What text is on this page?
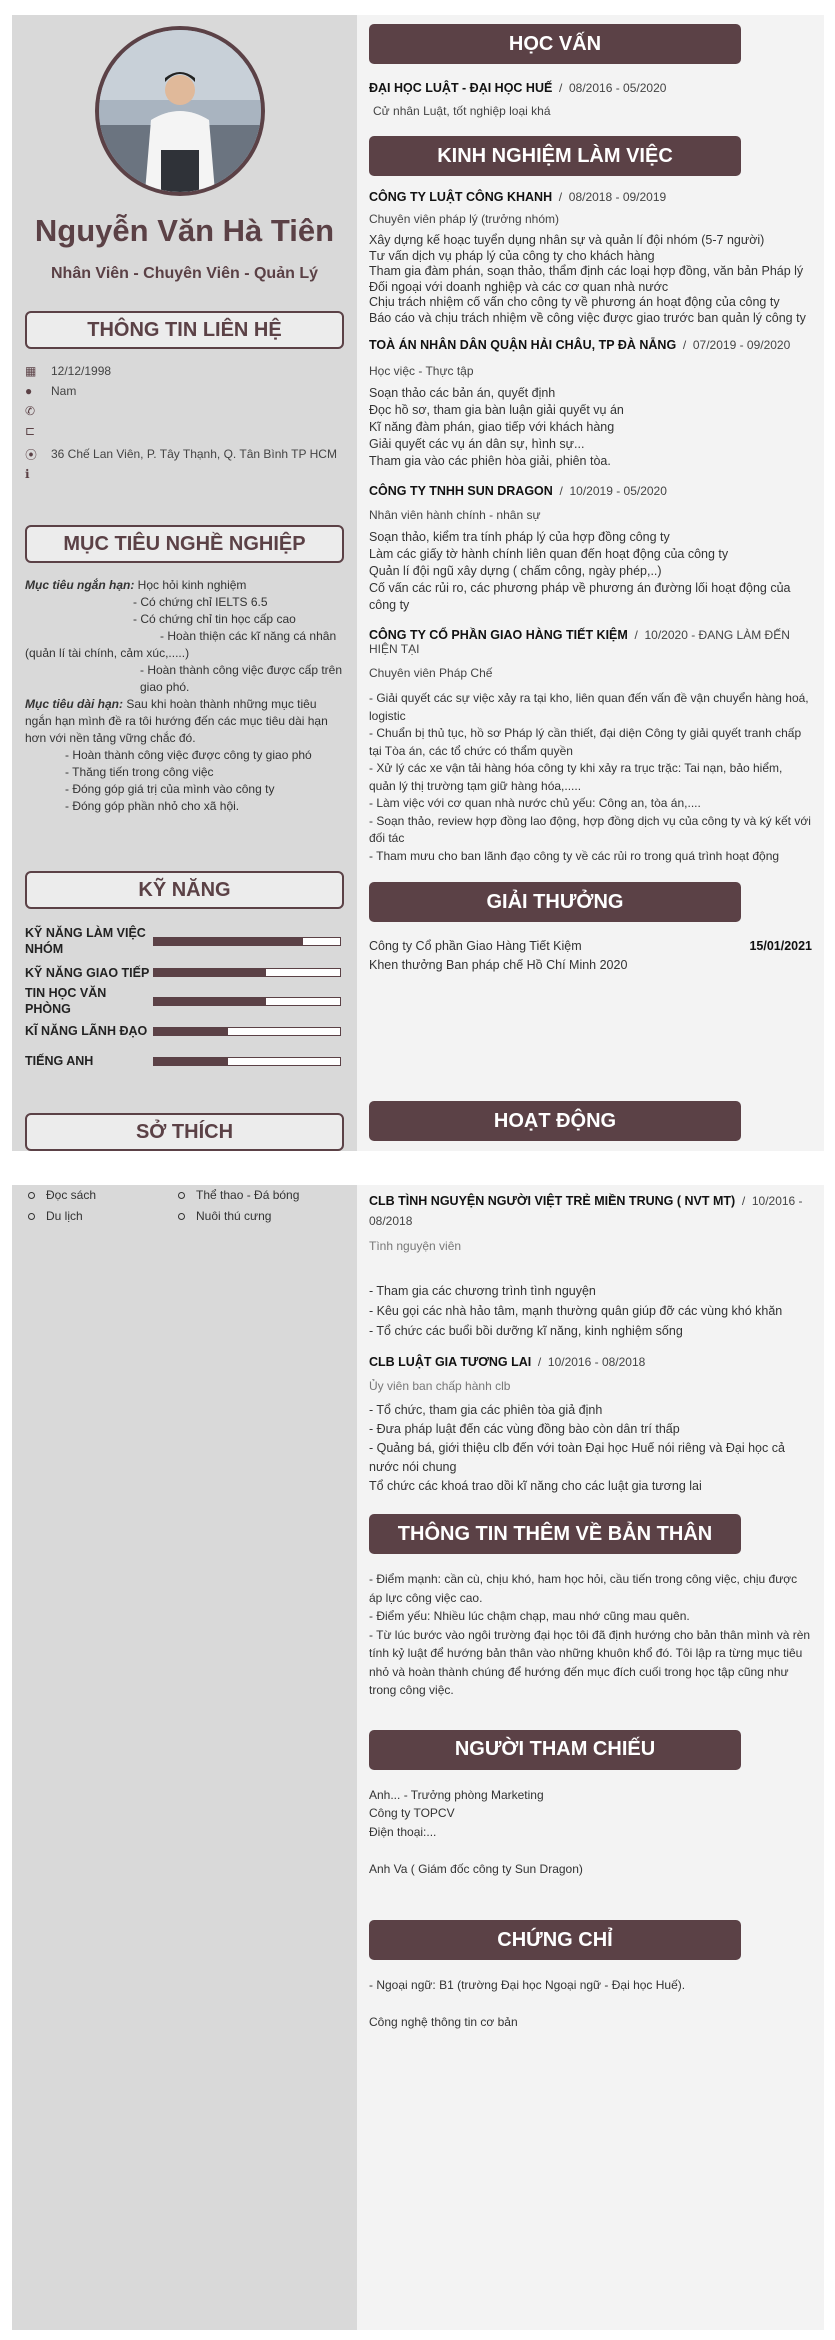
Nguyễn Văn Hà Tiên
Nhân Viên - Chuyên Viên - Quản Lý
THÔNG TIN LIÊN HỆ
▦	12/12/1998
●	Nam
✆
⊏
⦿	36 Chế Lan Viên, P. Tây Thạnh, Q. Tân Bình TP HCM
ℹ
MỤC TIÊU NGHỀ NGHIỆP
Mục tiêu ngắn hạn: Học hỏi kinh nghiệm
- Có chứng chỉ IELTS 6.5
- Có chứng chỉ tin học cấp cao
- Hoàn thiện các kĩ năng cá nhân (quản lí tài chính, cảm xúc,.....)
- Hoàn thành công việc được cấp trên giao phó.
Mục tiêu dài hạn: Sau khi hoàn thành những mục tiêu ngắn hạn mình đề ra tôi hướng đến các mục tiêu dài hạn hơn với nền tảng vững chắc đó.
- Hoàn thành công việc được công ty giao phó
- Thăng tiến trong công việc
- Đóng góp giá trị của mình vào công ty
- Đóng góp phần nhỏ cho xã hội.
KỸ NĂNG
KỸ NĂNG LÀM VIỆC NHÓM
KỸ NĂNG GIAO TIẾP
TIN HỌC VĂN PHÒNG
KĨ NĂNG LÃNH ĐẠO
TIẾNG ANH
SỞ THÍCH
HỌC VẤN
ĐẠI HỌC LUẬT - ĐẠI HỌC HUẾ  /  08/2016 - 05/2020
Cử nhân Luật, tốt nghiệp loại khá
KINH NGHIỆM LÀM VIỆC
CÔNG TY LUẬT CÔNG KHANH  /  08/2018 - 09/2019
Chuyên viên pháp lý (trưởng nhóm)
Xây dựng kế hoạc tuyển dụng nhân sự và quản lí đội nhóm (5-7 người)
Tư vấn dịch vụ pháp lý của công ty cho khách hàng
Tham gia đàm phán, soạn thảo, thẩm định các loại hợp đồng, văn bản Pháp lý
Đối ngoại với doanh nghiệp và các cơ quan nhà nước
Chịu trách nhiệm cố vấn cho công ty về phương án hoạt động của công ty
Báo cáo và chịu trách nhiệm về công việc được giao trước ban quản lý công ty
TOÀ ÁN NHÂN DÂN QUẬN HẢI CHÂU, TP ĐÀ NẴNG  /  07/2019 - 09/2020
Học việc - Thực tập
Soạn thảo các bản án, quyết định
Đọc hồ sơ, tham gia bàn luận giải quyết vụ án
Kĩ năng đàm phán, giao tiếp với khách hàng
Giải quyết các vụ án dân sự, hình sự...
Tham gia vào các phiên hòa giải, phiên tòa.
CÔNG TY TNHH SUN DRAGON  /  10/2019 - 05/2020
Nhân viên hành chính - nhân sự
Soạn thảo, kiểm tra tính pháp lý của hợp đồng công ty
Làm các giấy tờ hành chính liên quan đến hoạt động của công ty
Quản lí đội ngũ xây dựng ( chấm công, ngày phép,..)
Cố vấn các rủi ro, các phương pháp về phương án đường lối hoạt động của công ty
CÔNG TY CỔ PHẦN GIAO HÀNG TIẾT KIỆM  /  10/2020 - ĐANG LÀM ĐẾN HIỆN TẠI
Chuyên viên Pháp Chế
- Giải quyết các sự việc xảy ra tại kho, liên quan đến vấn đề vận chuyển hàng hoá, logistic
- Chuẩn bị thủ tục, hồ sơ Pháp lý cần thiết, đại diện Công ty giải quyết tranh chấp tại Tòa án, các tổ chức có thẩm quyền
- Xử lý các xe vận tải hàng hóa công ty khi xảy ra trục trặc: Tai nạn, bảo hiểm, quản lý thị trường tạm giữ hàng hóa,.....
- Làm việc với cơ quan nhà nước chủ yếu: Công an, tòa án,....
- Soạn thảo, review hợp đồng lao động, hợp đồng dịch vụ của công ty và ký kết với đối tác
- Tham mưu cho ban lãnh đạo công ty về các rủi ro trong quá trình hoạt động
GIẢI THƯỞNG
Công ty Cổ phần Giao Hàng Tiết Kiệm	15/01/2021
Khen thưởng Ban pháp chế Hồ Chí Minh 2020
HOẠT ĐỘNG
Đọc sách	Thể thao - Đá bóng
Du lịch	Nuôi thú cưng
CLB TÌNH NGUYỆN NGƯỜI VIỆT TRẺ MIỀN TRUNG ( NVT MT)  /  10/2016 - 08/2018
Tình nguyện viên
- Tham gia các chương trình tình nguyện
- Kêu gọi các nhà hảo tâm, mạnh thường quân giúp đỡ các vùng khó khăn
- Tổ chức các buổi bồi dưỡng kĩ năng, kinh nghiệm sống
CLB LUẬT GIA TƯƠNG LAI  /  10/2016 - 08/2018
Ủy viên ban chấp hành clb
- Tổ chức, tham gia các phiên tòa giả định
- Đưa pháp luật đến các vùng đồng bào còn dân trí thấp
- Quảng bá, giới thiệu clb đến với toàn Đại học Huế nói riêng và Đại học cả nước nói chung
Tổ chức các khoá trao dồi kĩ năng cho các luật gia tương lai
THÔNG TIN THÊM VỀ BẢN THÂN
- Điểm mạnh: cần cù, chịu khó, ham học hỏi, cầu tiến trong công việc, chịu được áp lực công việc cao.
- Điểm yếu: Nhiều lúc chậm chạp, mau nhớ cũng mau quên.
- Từ lúc bước vào ngôi trường đại học tôi đã định hướng cho bản thân mình và rèn tính kỷ luật để hướng bản thân vào những khuôn khổ đó. Tôi lập ra từng mục tiêu nhỏ và hoàn thành chúng để hướng đến mục đích cuối trong học tập cũng như trong công việc.
NGƯỜI THAM CHIẾU
Anh... - Trưởng phòng Marketing
Công ty TOPCV
Điện thoại:...

Anh Va ( Giám đốc công ty Sun Dragon)
CHỨNG CHỈ
- Ngoại ngữ: B1 (trường Đại học Ngoại ngữ - Đại học Huế).

Công nghệ thông tin cơ bản
